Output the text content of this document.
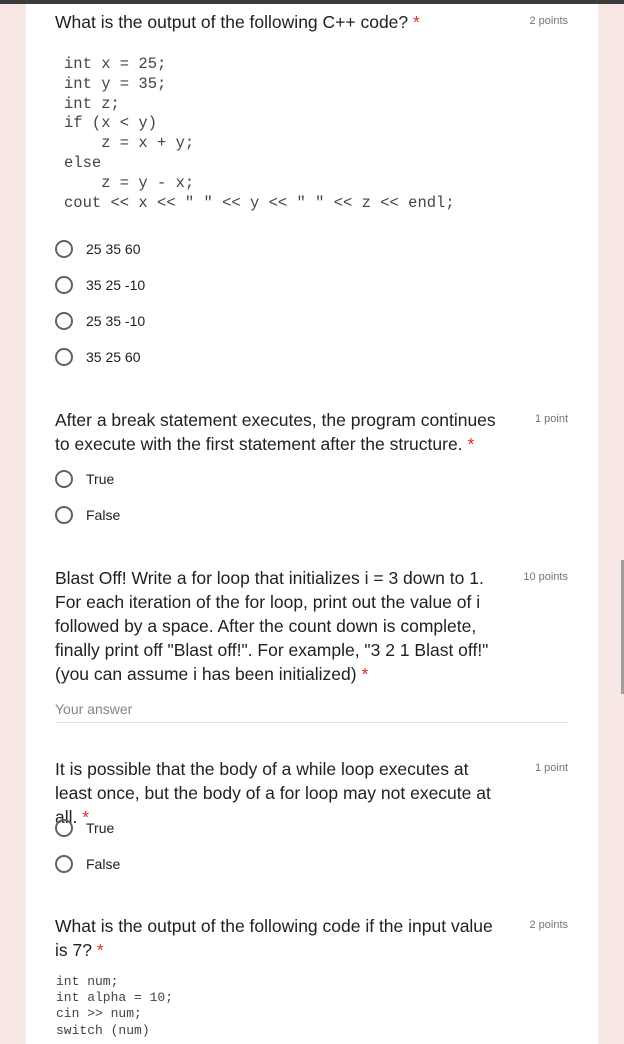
What is the output of the following C++ code? *	2 points
int x = 25;
int y = 35;
int z;
if (x < y)
z = x + y;
else
z = y - x;
cout << x << " " << y << " " << z << endl;
25 35 60
35 25 -10
25 35 -10
35 25 60
After a break statement executes, the program continues to execute with the first statement after the structure. *
1 point
True
False
Blast Off! Write a for loop that initializes i = 3 down to 1. For each iteration of the for loop, print out the value of i followed by a space. After the count down is complete, finally print off "Blast off!". For example, "3 2 1 Blast off!"(you can assume i has been initialized) *
10 points
Your answer
It is possible that the body of a while loop executes at least once, but the body of a for loop may not execute at all. *
1 point
True
False
What is the output of the following code if the input value is 7? *
2 points
int num;
int alpha = 10;
cin >> num;
switch (num)
